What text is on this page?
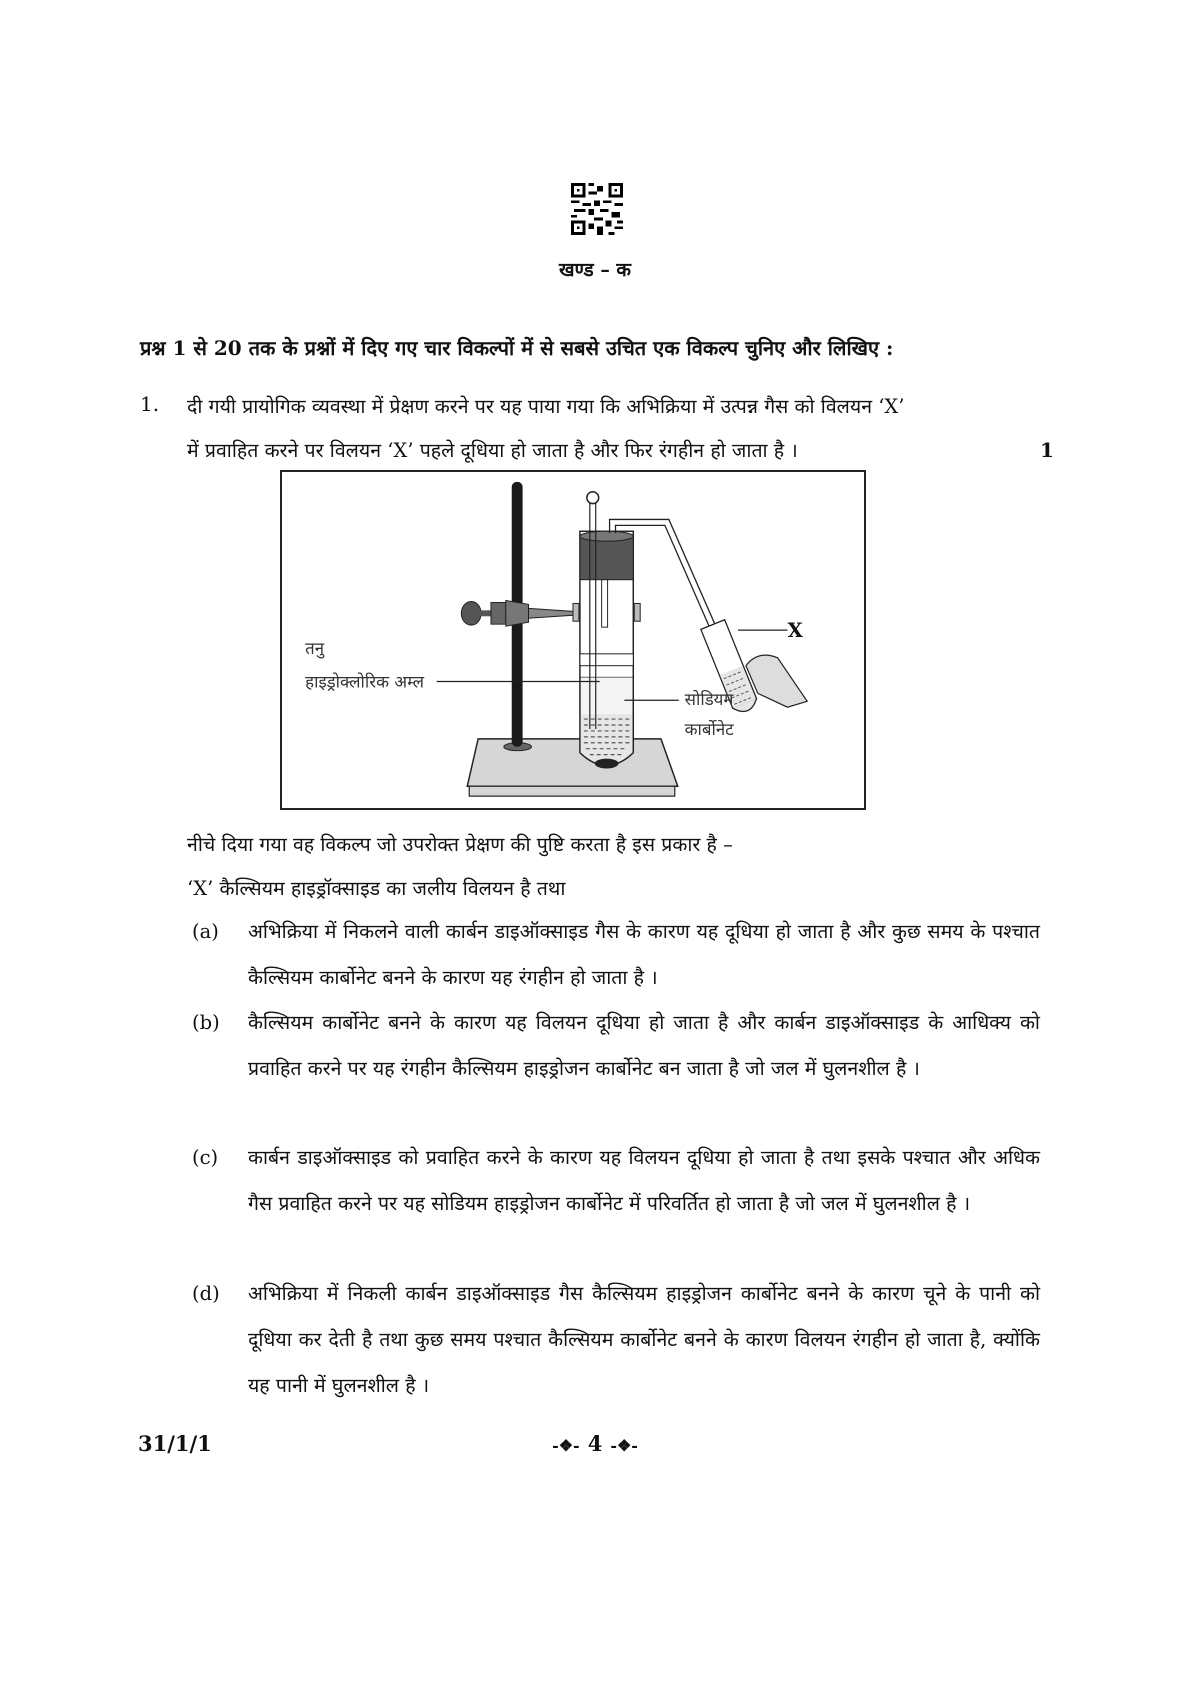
खण्ड – क
प्रश्न 1 से 20 तक के प्रश्नों में दिए गए चार विकल्पों में से सबसे उचित एक विकल्प चुनिए और लिखिए :
1. दी गयी प्रायोगिक व्यवस्था में प्रेक्षण करने पर यह पाया गया कि अभिक्रिया में उत्पन्न गैस को विलयन ‘X’
में प्रवाहित करने पर विलयन ‘X’ पहले दूधिया हो जाता है और फिर रंगहीन हो जाता है ।	1
तनु
हाइड्रोक्लोरिक अम्ल
सोडियम
कार्बोनेट
X
नीचे दिया गया वह विकल्प जो उपरोक्त प्रेक्षण की पुष्टि करता है इस प्रकार है –
‘X’ कैल्सियम हाइड्रॉक्साइड का जलीय विलयन है तथा
(a) अभिक्रिया में निकलने वाली कार्बन डाइऑक्साइड गैस के कारण यह दूधिया हो जाता है और कुछ समय के पश्चात कैल्सियम कार्बोनेट बनने के कारण यह रंगहीन हो जाता है ।
(b) कैल्सियम कार्बोनेट बनने के कारण यह विलयन दूधिया हो जाता है और कार्बन डाइऑक्साइड के आधिक्य को प्रवाहित करने पर यह रंगहीन कैल्सियम हाइड्रोजन कार्बोनेट बन जाता है जो जल में घुलनशील है ।
(c) कार्बन डाइऑक्साइड को प्रवाहित करने के कारण यह विलयन दूधिया हो जाता है तथा इसके पश्चात और अधिक गैस प्रवाहित करने पर यह सोडियम हाइड्रोजन कार्बोनेट में परिवर्तित हो जाता है जो जल में घुलनशील है ।
(d) अभिक्रिया में निकली कार्बन डाइऑक्साइड गैस कैल्सियम हाइड्रोजन कार्बोनेट बनने के कारण चूने के पानी को दूधिया कर देती है तथा कुछ समय पश्चात कैल्सियम कार्बोनेट बनने के कारण विलयन रंगहीन हो जाता है, क्योंकि यह पानी में घुलनशील है ।
31/1/1	-❖- 4 -❖-
